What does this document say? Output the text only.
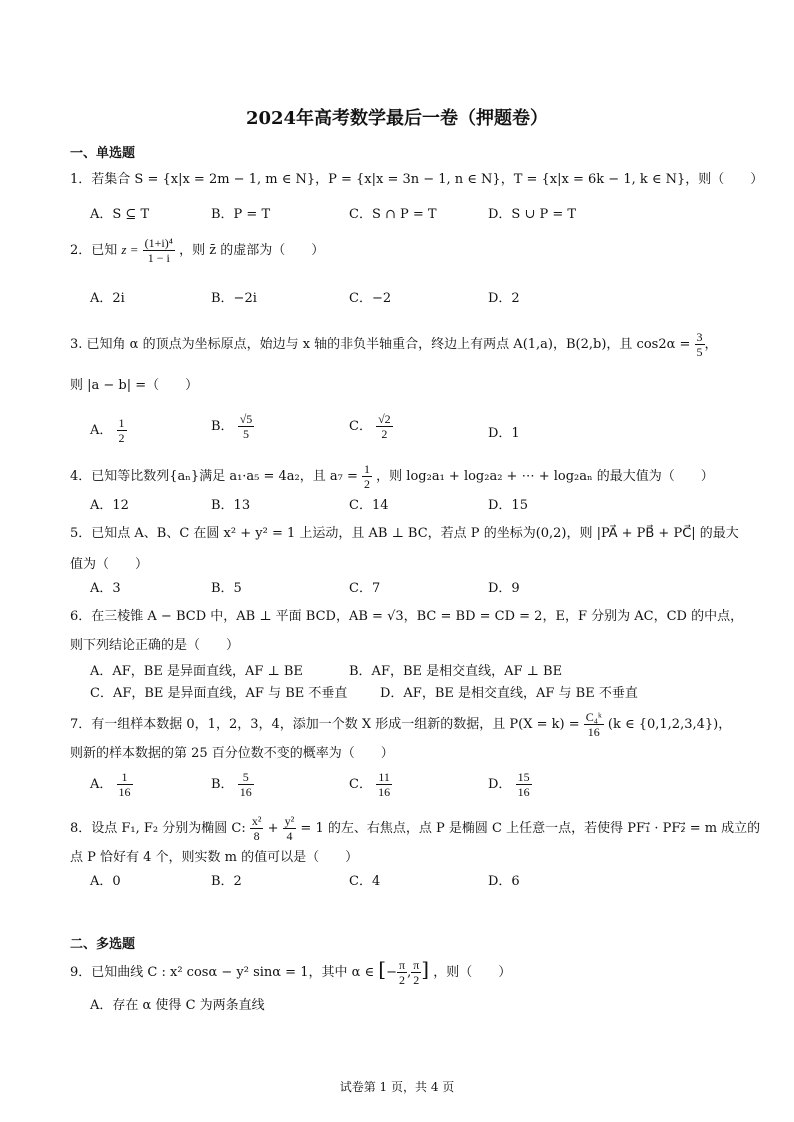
2024年高考数学最后一卷（押题卷）
一、单选题
1．若集合 S = {x|x = 2m − 1, m ∈ N}，P = {x|x = 3n − 1, n ∈ N}，T = {x|x = 6k − 1, k ∈ N}，则（　　）
A．S ⊆ T	B．P = T	C．S ∩ P = T	D．S ∪ P = T
2．已知 $z = \frac{\text{(1+i)⁴}}{1 - i}$ ，则 z̄ 的虚部为（　　）
A．2i	B．−2i	C．−2	D．2
3. 已知角 α 的顶点为坐标原点，始边与 x 轴的非负半轴重合，终边上有两点 A(1,a)，B(2,b)，且 $\cos 2\alpha = \frac{3}{5}$ ，
则 |a − b| =（　　）
A． $\frac{1}{2}$	B． $\frac{√5}{5}$	C． $\frac{√2}{2}$	D．1
4．已知等比数列{aₙ}满足 a₁·a₅ = 4a₂，且 $a_7 = \frac{1}{2}$ ，则 log₂a₁ + log₂a₂ + ⋯ + log₂aₙ 的最大值为（　　）
A．12	B．13	C．14	D．15
5．已知点 A、B、C 在圆 x² + y² = 1 上运动，且 AB ⊥ BC，若点 P 的坐标为(0,2)，则 |PA⃗ + PB⃗ + PC⃗| 的最大
值为（　　）
A．3	B．5	C．7	D．9
6．在三棱锥 A − BCD 中，AB ⊥ 平面 BCD，AB = √3，BC = BD = CD = 2，E，F 分别为 AC，CD 的中点，
则下列结论正确的是（　　）
A．AF，BE 是异面直线，AF ⊥ BE	B．AF，BE 是相交直线，AF ⊥ BE
C．AF，BE 是异面直线，AF 与 BE 不垂直	D．AF，BE 是相交直线，AF 与 BE 不垂直
7．有一组样本数据 0，1，2，3，4，添加一个数 X 形成一组新的数据，且 $P(X = k) = \frac{\text{C₄ᵏ}}{16} (k$ ∈ {0,1,2,3,4})，
则新的样本数据的第 25 百分位数不变的概率为（　　）
A． $\frac{1}{16}$	B． $\frac{5}{16}$	C． $\frac{11}{16}$	D． $\frac{15}{16}$
8．设点 F₁, F₂ 分别为椭圆 C: $\frac{\text{x²}}{8} + \frac{\text{y²}}{4} = 1$ 的左、右焦点，点 P 是椭圆 C 上任意一点，若使得 PF₁⃗ · PF₂⃗ = m 成立的
点 P 恰好有 4 个，则实数 m 的值可以是（　　）
A．0	B．2	C．4	D．6
二、多选题
9．已知曲线 C : x² cosα − y² sinα = 1，其中 α ∈ [− $\frac{\pi}{2}$ , $\frac{\pi}{2}$ ] ，则（　　）
A．存在 α 使得 C 为两条直线
试卷第 1 页，共 4 页
